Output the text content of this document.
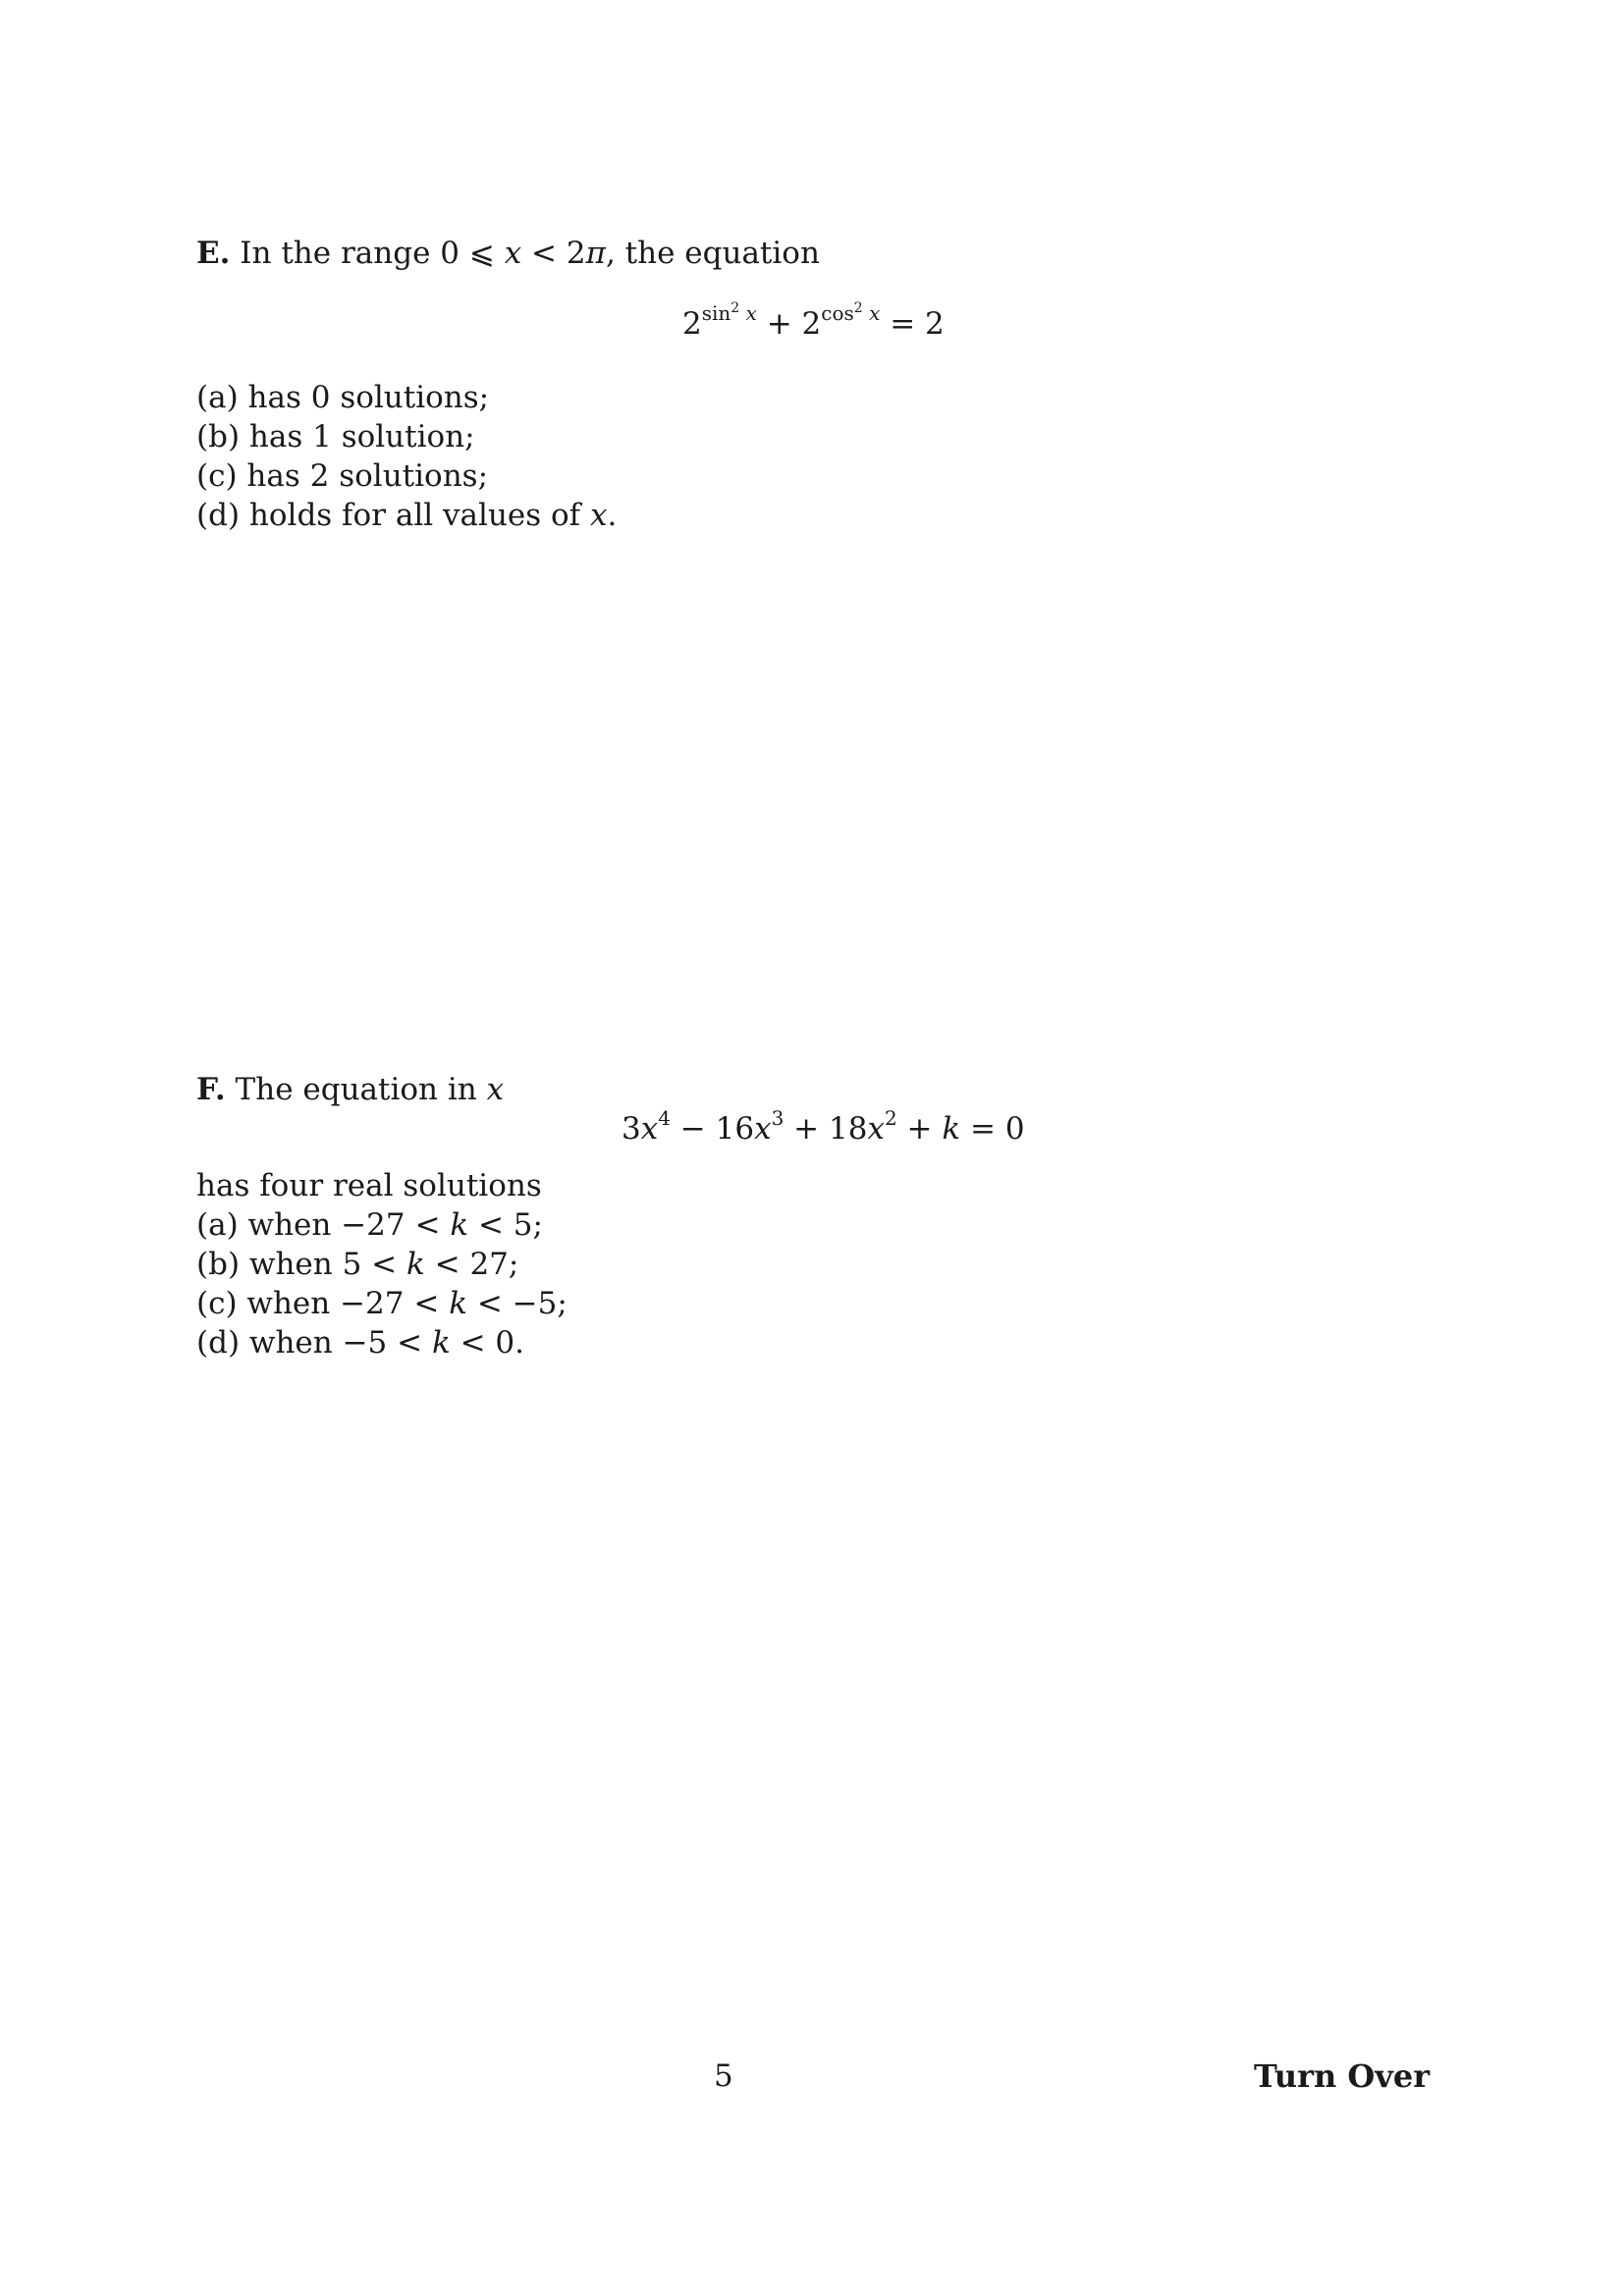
E. In the range 0 ⩽ x < 2π, the equation
$2^{sin^2 x} + 2^{cos^2 x} = 2$
(a) has 0 solutions;
(b) has 1 solution;
(c) has 2 solutions;
(d) holds for all values of x.
F. The equation in x
$3x^4 - 16x^3 + 18x^2 + k = 0$
has four real solutions
(a) when −27 < k < 5;
(b) when 5 < k < 27;
(c) when −27 < k < −5;
(d) when −5 < k < 0.
5	Turn Over
